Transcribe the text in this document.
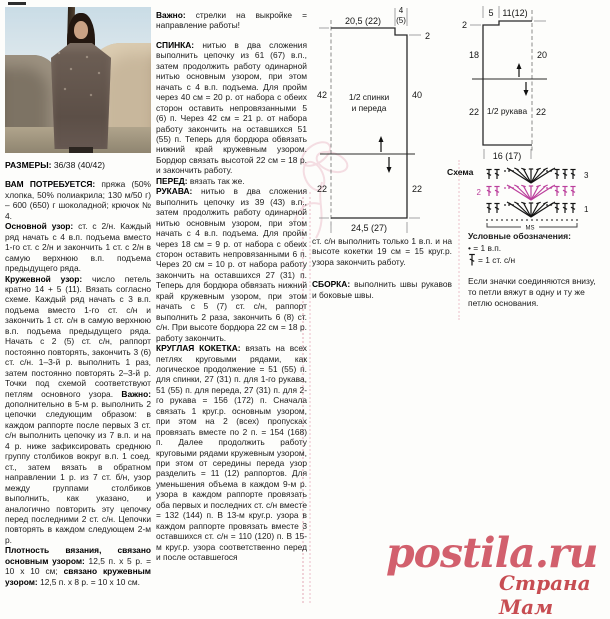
РАЗМЕРЫ: 36/38 (40/42)

ВАМ ПОТРЕБУЕТСЯ: пряжа (50% хлопка, 50% полиакрила; 130 м/50 г) – 600 (650) г шоколадной; крючок № 4.

Основной узор: ст. с 2/н. Каждый ряд начать с 4 в.п. подъема вместо 1-го ст. с 2/н и закончить 1 ст. с 2/н в самую верхнюю в.п. подъема предыдущего ряда.

Кружевной узор: число петель кратно 14 + 5 (11). Вязать согласно схеме. Каждый ряд начать с 3 в.п. подъема вместо 1-го ст. с/н и закончить 1 ст. с/н в самую верхнюю в.п. подъема предыдущего ряда. Начать с 2 (5) ст. с/н, раппорт постоянно повторять, закончить 3 (6) ст. с/н. 1–3-й р. выполнить 1 раз, затем постоянно повторять 2–3-й р. Точки под схемой соответствуют петлям основного узора. Важно: дополнительно в 5-м р. выполнить 2 цепочки следующим образом: в каждом раппорте после первых 3 ст. с/н выполнить цепочку из 7 в.п. и на 4 р. ниже зафиксировать среднюю группу столбиков вокруг в.п. 1 соед. ст., затем вязать в обратном направлении 1 р. из 7 ст. б/н, узор между группами столбиков выполнить, как указано, и аналогично повторить эту цепочку перед последними 2 ст. с/н. Цепочки повторять в каждом следующем 2-м р.

Плотность вязания, связано основным узором: 12,5 п. х 5 р. = 10 х 10 см; связано кружевным узором: 12,5 п. х 8 р. = 10 х 10 см.

Важно: стрелки на выкройке = направление работы!

СПИНКА: нитью в два сложения выполнить цепочку из 61 (67) в.п., затем продолжить работу одинарной нитью основным узором, при этом начать с 4 в.п. подъема. Для пройм через 40 см = 20 р. от набора с обеих сторон оставить непровязанными 5 (6) п. Через 42 см = 21 р. от набора работу закончить на оставшихся 51 (55) п. Теперь для бордюра обвязать нижний край кружевным узором. Бордюр связать высотой 22 см = 18 р. и закончить работу.

ПЕРЕД: вязать так же.

РУКАВА: нитью в два сложения выполнить цепочку из 39 (43) в.п., затем продолжить работу одинарной нитью основным узором, при этом начать с 4 в.п. подъема. Для пройм через 18 см = 9 р. от набора с обеих сторон оставить непровязанными 6 п. Через 20 см = 10 р. от набора работу закончить на оставшихся 27 (31) п. Теперь для бордюра обвязать нижний край кружевным узором, при этом начать с 5 (7) ст. с/н, раппорт выполнить 2 раза, закончить 6 (8) ст. с/н. При высоте бордюра 22 см = 18 р. работу закончить.

КРУГЛАЯ КОКЕТКА: вязать на всех петлях круговыми рядами, как логическое продолжение = 51 (55) п. для спинки, 27 (31) п. для 1-го рукава, 51 (55) п. для переда, 27 (31) п. для 2-го рукава = 156 (172) п. Сначала связать 1 круг.р. основным узором, при этом на 2 (всех) пропусках провязать вместе по 2 п. = 154 (168) п. Далее продолжить работу круговыми рядами кружевным узором, при этом от середины переда узор разделить = 11 (12) раппортов. Для уменьшения объема в каждом 9-м р. узора в каждом раппорте провязать оба первых и последних ст. с/н вместе = 132 (144) п. В 13-м круг.р. узора в каждом раппорте провязать вместе 3 оставшихся ст. с/н = 110 (120) п. В 15-м круг.р. узора соответственно перед и после оставшегося

ст. с/н выполнить только 1 в.п. и на высоте кокетки 19 см = 15 круг.р. узора закончить работу.

СБОРКА: выполнить швы рукавов и боковые швы.

20,5 (22)
4
(5)
2
42	40
1/2 спинки
и переда
22	22
24,5 (27)
5 11(12)
2
18	20
22 1/2 рукава 22
16 (17)
Схема
MS
3
2
1

Условные обозначения:

• = 1 в.п.

= 1 ст. с/н

Если значки соединяются внизу, то петли вяжут в одну и ту же петлю основания.

postila.ru
Страна Мам
